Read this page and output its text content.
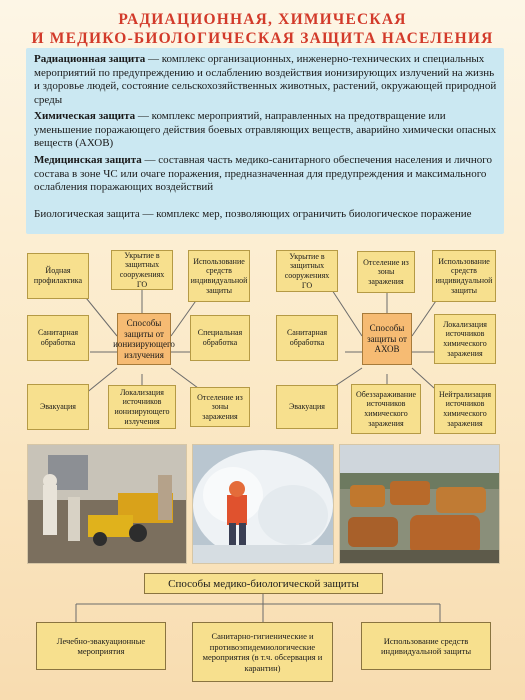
РАДИАЦИОННАЯ, ХИМИЧЕСКАЯ
И МЕДИКО-БИОЛОГИЧЕСКАЯ ЗАЩИТА НАСЕЛЕНИЯ
Радиационная защита — комплекс организационных, инженерно-технических и специальных мероприятий по предупреждению и ослаблению воздействия ионизирующих излучений на жизнь и здоровье людей, состояние сельскохозяйственных животных, растений, окружающей природной среды
Химическая защита — комплекс мероприятий, направленных на предотвращение или уменьшение поражающего действия боевых отравляющих веществ, аварийно химически опасных веществ (АХОВ)
Медицинская защита — составная часть медико-санитарного обеспечения населения и личного состава в зоне ЧС или очаге поражения, предназначенная для предупреждения и максимального ослабления поражающих воздействий
Биологическая защита — комплекс мер, позволяющих ограничить биологическое поражение
Йодная профилактика
Укрытие в защитных сооружениях ГО
Использование средств индивидуальной защиты
Санитарная обработка
Способы защиты от ионизирующего излучения
Специальная обработка
Эвакуация
Локализация источников ионизирующего излучения
Отселение из зоны заражения
Укрытие в защитных сооружениях ГО
Отселение из зоны заражения
Использование средств индивидуальной защиты
Санитарная обработка
Способы защиты от АХОВ
Локализация источников химического заражения
Эвакуация
Обеззараживание источников химического заражения
Нейтрализация источников химического заражения
Способы медико-биологической защиты
Лечебно-эвакуационные мероприятия
Санитарно-гигиенические и противоэпидемиологические мероприятия (в т.ч. обсервация и карантин)
Использование средств индивидуальной защиты
